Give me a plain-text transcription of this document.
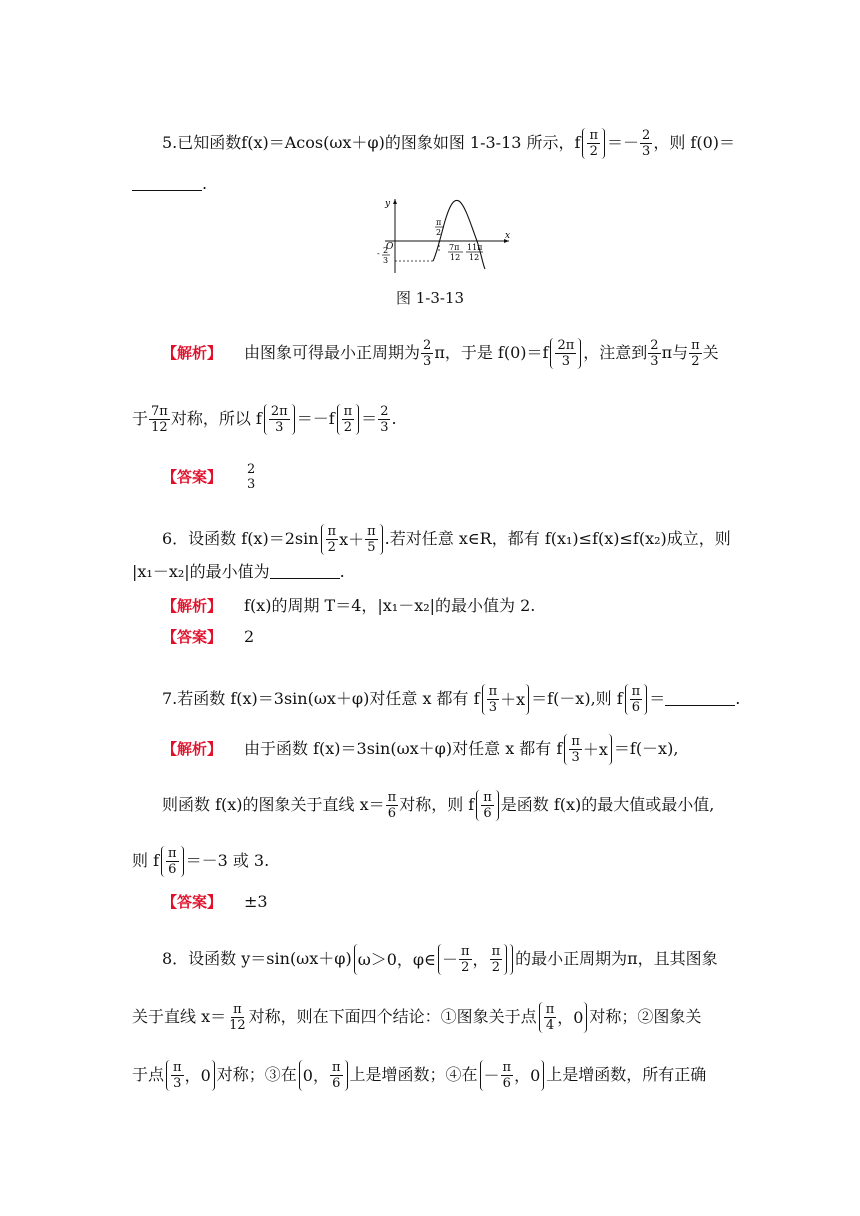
5.已知函数f(x)＝Acos(ωx＋φ)的图象如图 1-3-13 所示，f $\frac{\pi}{2} =- \frac{2}{3}$ ，则 f(0)＝
.
y
x
O
π
2
2
-
3
7π
12
11π
12
图 1-3-13
【解析】 由图象可得最小正周期为 $\frac{2}{3}$ π，于是 $f(0)=f \frac{2\pi}{3}$ ，注意到 $\frac{2}{3}$ π与 $\frac{\pi}{2}$ 关
于 $\frac{7\pi}{12}$ 对称，所以 f $\frac{2\pi}{3} =-f \frac{\pi}{2} = \frac{2}{3}$ .
【答案】 2
3
6．设函数 $f(x)=2\sin \frac{\pi}{2} x+ \frac{\pi}{5}$ .若对任意 x∈R，都有 f(x₁)≤f(x)≤f(x₂)成立，则
|x₁－x₂|的最小值为	.
【解析】 f(x)的周期 T＝4，|x₁－x₂|的最小值为 2.
【答案】 2
7.若函数 f(x)＝3sin(ωx＋φ)对任意 x 都有 f $\frac{\pi}{3} +x =f(-x)$,则 f $\frac{\pi}{6}$ ＝	.
【解析】 由于函数 f(x)＝3sin(ωx＋φ)对任意 x 都有 f $\frac{\pi}{3} +x =f(-x)$,
则函数 f(x)的图象关于直线 $x= \frac{\pi}{6}$ 对称，则 f $\frac{\pi}{6}$ 是函数 f(x)的最大值或最小值,
则 f $\frac{\pi}{6} =-3$ 或 3.
【答案】 ±3
8．设函数 y＝sin(ωx＋φ) ω＞0，φ∈ － $\frac{\pi}{2}$ ， $\frac{\pi}{2}$ 的最小正周期为π，且其图象
关于直线 $x= \frac{\pi}{12}$ 对称，则在下面四个结论：①图象关于点 $\frac{\pi}{4}$ ，0 对称；②图象关
于点 $\frac{\pi}{3}$ ，0 对称；③在 0， $\frac{\pi}{6}$ 上是增函数；④在 － $\frac{\pi}{6}$ ，0 上是增函数，所有正确
